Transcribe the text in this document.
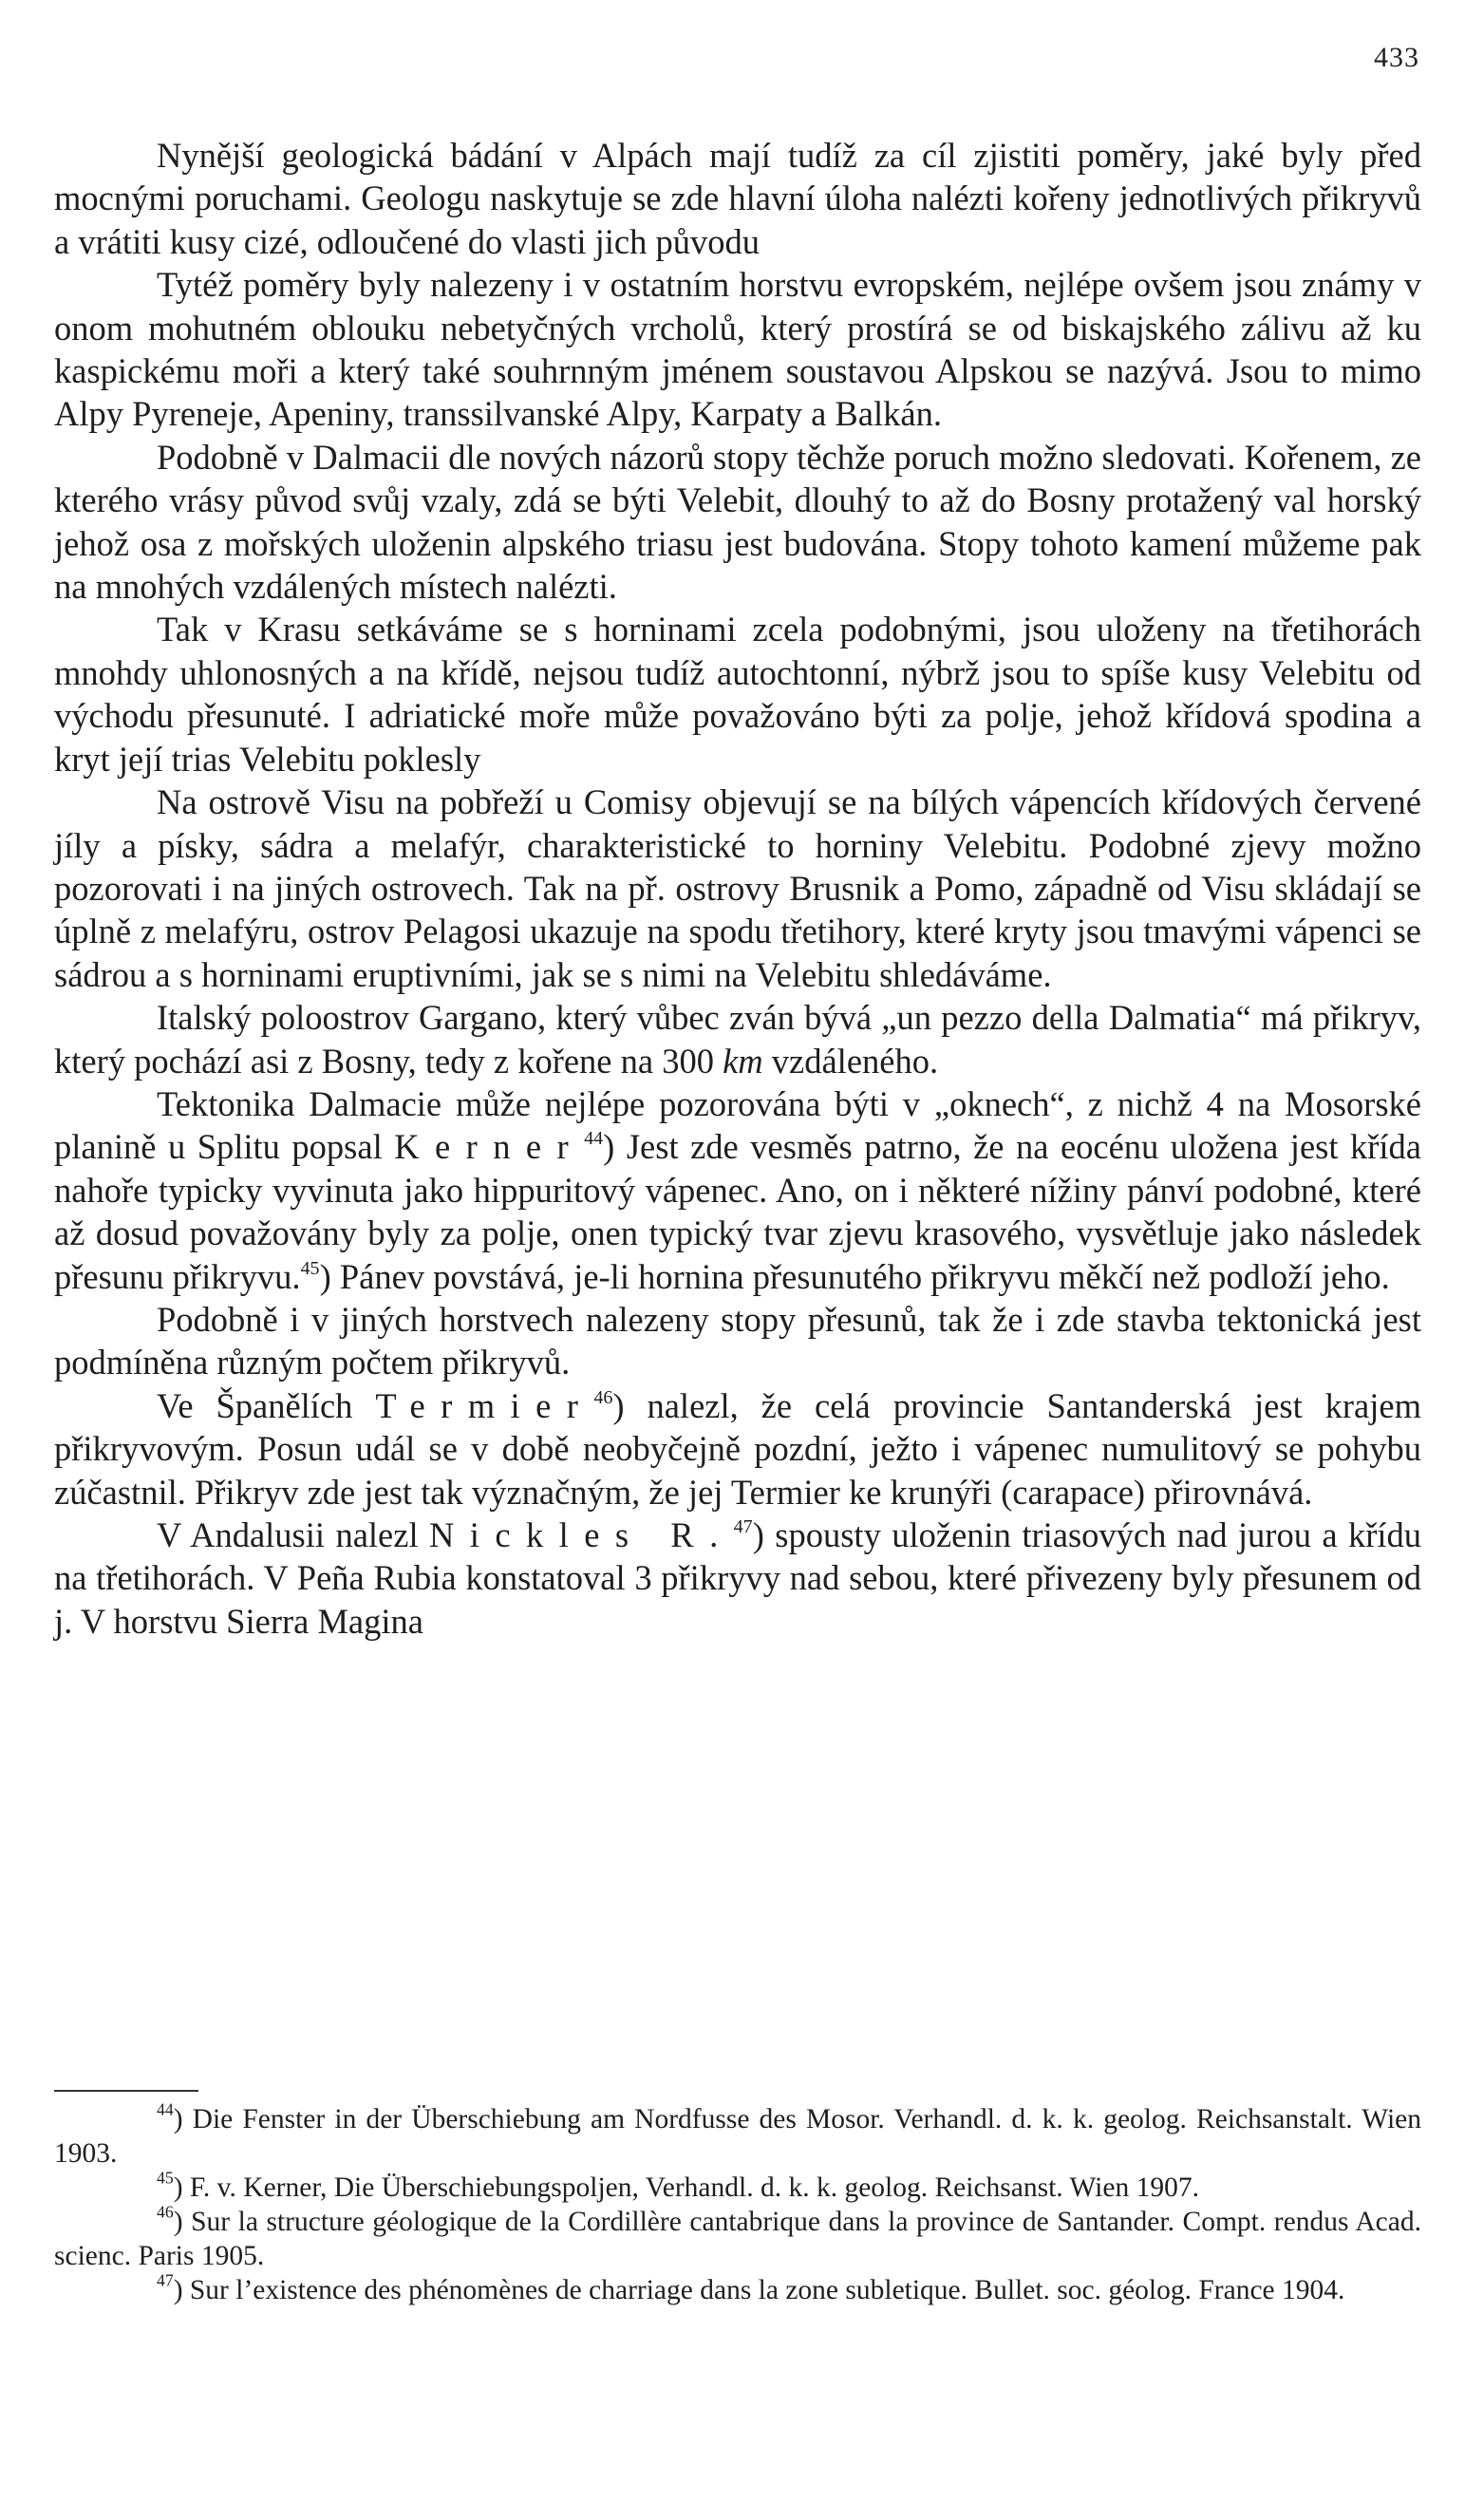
433

Nynější geologická bádání v Alpách mají tudíž za cíl zjistiti poměry, jaké byly před mocnými poruchami. Geologu naskytuje se zde hlavní úloha nalézti kořeny jednotlivých přikryvů a vrátiti kusy cizé, odloučené do vlasti jich původu

Tytéž poměry byly nalezeny i v ostatním horstvu evropském, nejlépe ovšem jsou známy v onom mohutném oblouku nebetyčných vrcholů, který prostírá se od biskajského zálivu až ku kaspickému moři a který také souhrnným jménem soustavou Alpskou se nazývá. Jsou to mimo Alpy Pyreneje, Apeniny, transsilvanské Alpy, Karpaty a Balkán.

Podobně v Dalmacii dle nových názorů stopy těchže poruch možno sledovati. Kořenem, ze kterého vrásy původ svůj vzaly, zdá se býti Velebit, dlouhý to až do Bosny protažený val horský jehož osa z mořských uloženin alpského triasu jest budována. Stopy tohoto kamení můžeme pak na mnohých vzdálených místech nalézti.

Tak v Krasu setkáváme se s horninami zcela podobnými, jsou uloženy na třetihorách mnohdy uhlonosných a na křídě, nejsou tudíž autochtonní, nýbrž jsou to spíše kusy Velebitu od východu přesunuté. I adriatické moře může považováno býti za polje, jehož křídová spodina a kryt její trias Velebitu poklesly

Na ostrově Visu na pobřeží u Comisy objevují se na bílých vápencích křídových červené jíly a písky, sádra a melafýr, charakteristické to horniny Velebitu. Podobné zjevy možno pozorovati i na jiných ostrovech. Tak na př. ostrovy Brusnik a Pomo, západně od Visu skládají se úplně z melafýru, ostrov Pelagosi ukazuje na spodu třetihory, které kryty jsou tmavými vápenci se sádrou a s horninami eruptivními, jak se s nimi na Velebitu shledáváme.

Italský poloostrov Gargano, který vůbec zván bývá „un pezzo della Dalmatia“ má přikryv, který pochází asi z Bosny, tedy z kořene na 300 km vzdáleného.

Tektonika Dalmacie může nejlépe pozorována býti v „oknech“, z nichž 4 na Mosorské planině u Splitu popsal Kerner$^{44}$) Jest zde vesměs patrno, že na eocénu uložena jest křída nahoře typicky vyvinuta jako hippuritový vápenec. Ano, on i některé nížiny pánví podobné, které až dosud považovány byly za polje, onen typický tvar zjevu krasového, vysvětluje jako následek přesunu přikryvu.$^{45}$) Pánev povstává, je-li hornina přesunutého přikryvu měkčí než podloží jeho.

Podobně i v jiných horstvech nalezeny stopy přesunů, tak že i zde stavba tektonická jest podmíněna různým počtem přikryvů.

Ve Španělích Termier$^{46}$) nalezl, že celá provincie Santanderská jest krajem přikryvovým. Posun udál se v době neobyčejně pozdní, ježto i vápenec numulitový se pohybu zúčastnil. Přikryv zde jest tak význačným, že jej Termier ke krunýři (carapace) přirovnává.

V Andalusii nalezl Nickles R.$^{47}$) spousty uloženin triasových nad jurou a křídu na třetihorách. V Peña Rubia konstatoval 3 přikryvy nad sebou, které přivezeny byly přesunem od j. V horstvu Sierra Magina

$^{44}$) Die Fenster in der Überschiebung am Nordfusse des Mosor. Verhandl. d. k. k. geolog. Reichsanstalt. Wien 1903.

$^{45}$) F. v. Kerner, Die Überschiebungspoljen, Verhandl. d. k. k. geolog. Reichsanst. Wien 1907.

$^{46}$) Sur la structure géologique de la Cordillère cantabrique dans la province de Santander. Compt. rendus Acad. scienc. Paris 1905.

$^{47}$) Sur l’existence des phénomènes de charriage dans la zone subletique. Bullet. soc. géolog. France 1904.
